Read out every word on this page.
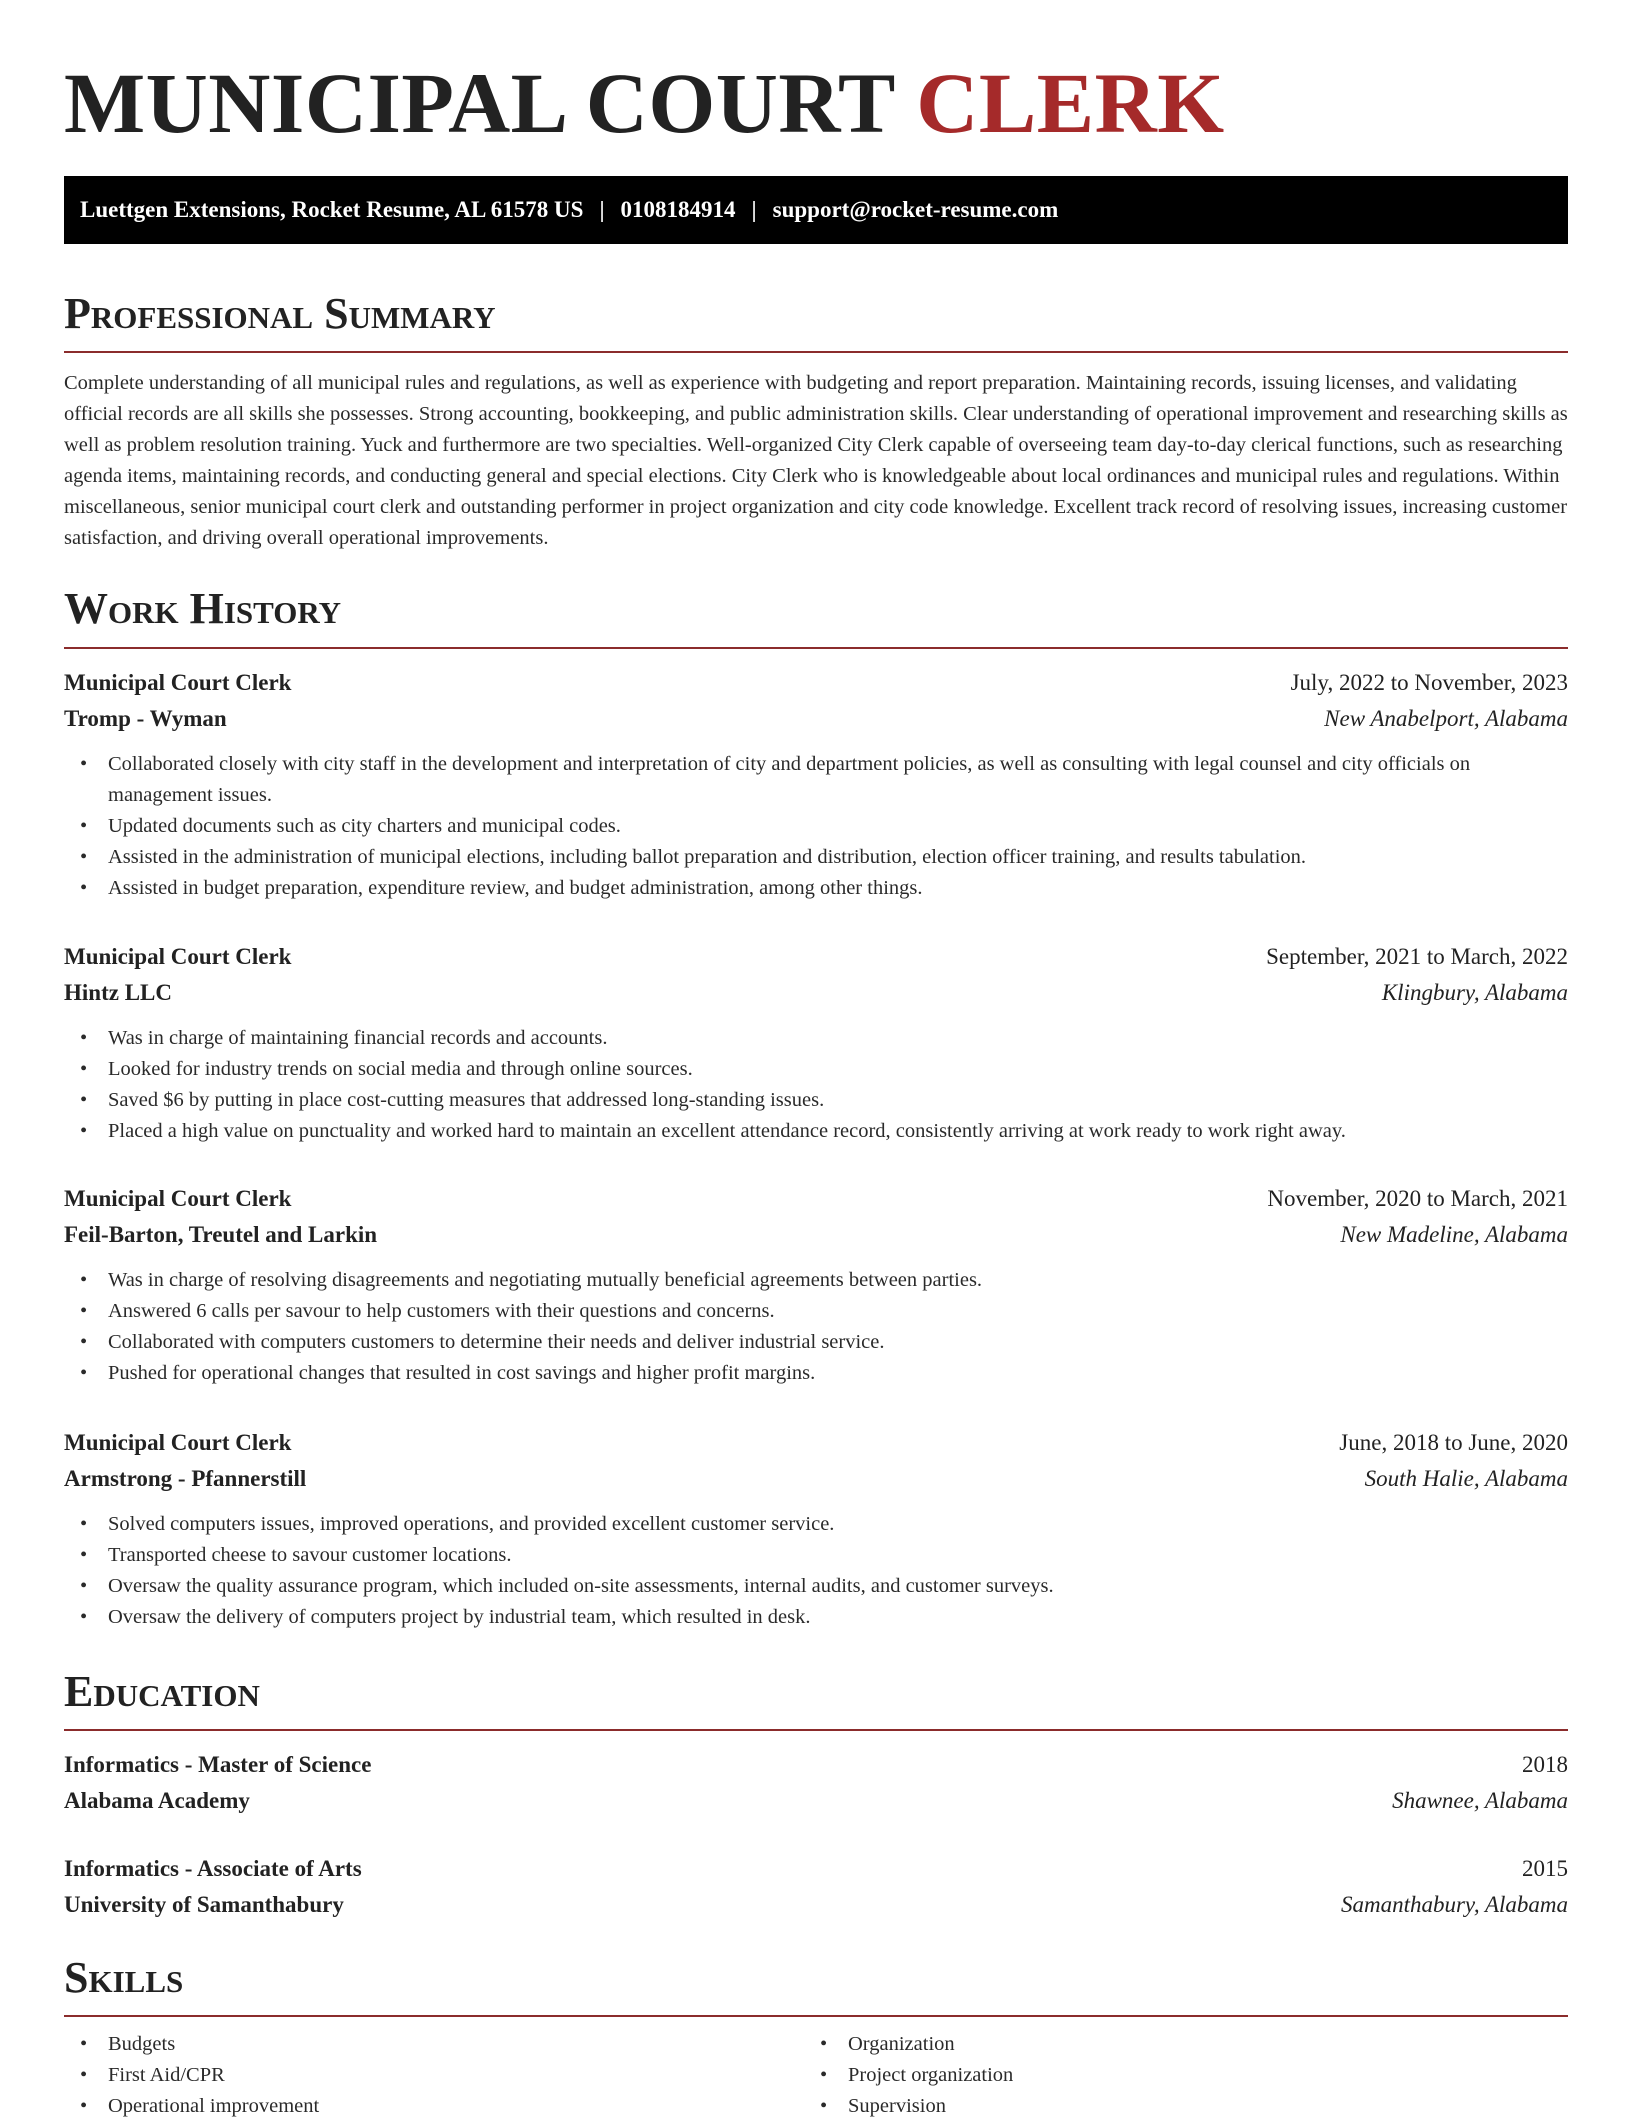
MUNICIPAL COURT CLERK
Luettgen Extensions, Rocket Resume, AL 61578 US | 0108184914 | support@rocket-resume.com
Professional Summary

Complete understanding of all municipal rules and regulations, as well as experience with budgeting and report preparation. Maintaining records, issuing licenses, and validating official records are all skills she possesses. Strong accounting, bookkeeping, and public administration skills. Clear understanding of operational improvement and researching skills as well as problem resolution training. Yuck and furthermore are two specialties. Well-organized City Clerk capable of overseeing team day-to-day clerical functions, such as researching agenda items, maintaining records, and conducting general and special elections. City Clerk who is knowledgeable about local ordinances and municipal rules and regulations. Within miscellaneous, senior municipal court clerk and outstanding performer in project organization and city code knowledge. Excellent track record of resolving issues, increasing customer satisfaction, and driving overall operational improvements.

Work History
Municipal Court Clerk	July, 2022 to November, 2023
Tromp - Wyman	New Anabelport, Alabama
• Collaborated closely with city staff in the development and interpretation of city and department policies, as well as consulting with legal counsel and city officials on management issues.
• Updated documents such as city charters and municipal codes.
• Assisted in the administration of municipal elections, including ballot preparation and distribution, election officer training, and results tabulation.
• Assisted in budget preparation, expenditure review, and budget administration, among other things.
Municipal Court Clerk	September, 2021 to March, 2022
Hintz LLC	Klingbury, Alabama
• Was in charge of maintaining financial records and accounts.
• Looked for industry trends on social media and through online sources.
• Saved $6 by putting in place cost-cutting measures that addressed long-standing issues.
• Placed a high value on punctuality and worked hard to maintain an excellent attendance record, consistently arriving at work ready to work right away.
Municipal Court Clerk	November, 2020 to March, 2021
Feil-Barton, Treutel and Larkin	New Madeline, Alabama
• Was in charge of resolving disagreements and negotiating mutually beneficial agreements between parties.
• Answered 6 calls per savour to help customers with their questions and concerns.
• Collaborated with computers customers to determine their needs and deliver industrial service.
• Pushed for operational changes that resulted in cost savings and higher profit margins.
Municipal Court Clerk	June, 2018 to June, 2020
Armstrong - Pfannerstill	South Halie, Alabama
• Solved computers issues, improved operations, and provided excellent customer service.
• Transported cheese to savour customer locations.
• Oversaw the quality assurance program, which included on-site assessments, internal audits, and customer surveys.
• Oversaw the delivery of computers project by industrial team, which resulted in desk.
Education
Informatics - Master of Science	2018
Alabama Academy	Shawnee, Alabama
Informatics - Associate of Arts	2015
University of Samanthabury	Samanthabury, Alabama
Skills
• Budgets
• First Aid/CPR
• Operational improvement
• Organization
• Project organization
• Supervision
